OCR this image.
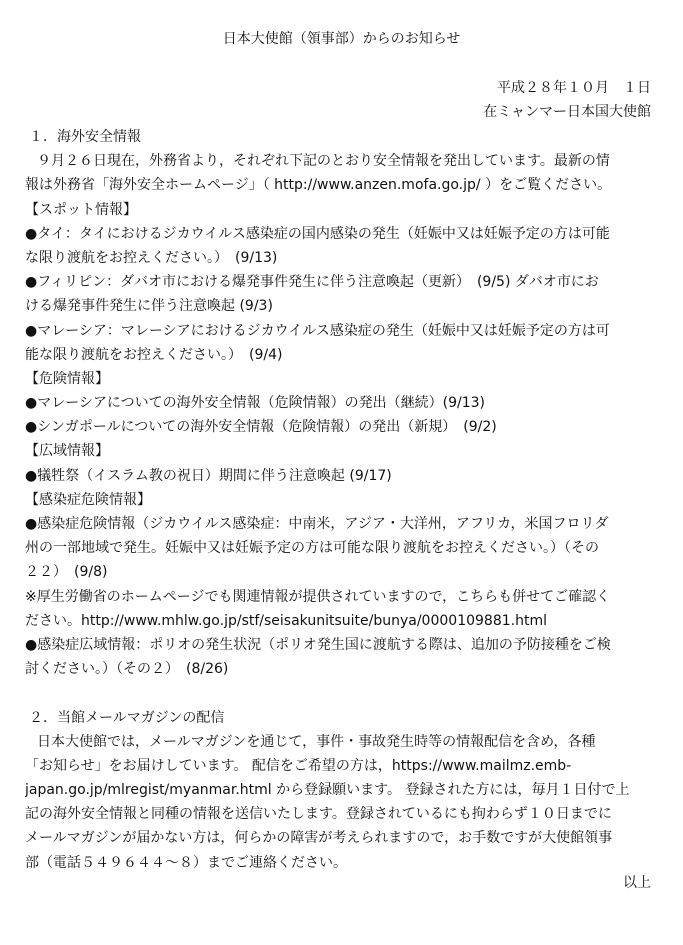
日本大使館（領事部）からのお知らせ
平成２８年１０月　１日
在ミャンマー日本国大使館
１．海外安全情報
９月２６日現在，外務省より，それぞれ下記のとおり安全情報を発出しています。最新の情
報は外務省「海外安全ホームページ」（ http://www.anzen.mofa.go.jp/ ）をご覧ください。
【スポット情報】
●タイ：タイにおけるジカウイルス感染症の国内感染の発生（妊娠中又は妊娠予定の方は可能
な限り渡航をお控えください。）　(9/13)
●フィリピン：ダバオ市における爆発事件発生に伴う注意喚起（更新）　(9/5) ダバオ市にお
ける爆発事件発生に伴う注意喚起 (9/3)
●マレーシア：マレーシアにおけるジカウイルス感染症の発生（妊娠中又は妊娠予定の方は可
能な限り渡航をお控えください。）　(9/4)
【危険情報】
●マレーシアについての海外安全情報（危険情報）の発出（継続）(9/13)
●シンガポールについての海外安全情報（危険情報）の発出（新規）　(9/2)
【広域情報】
●犠牲祭（イスラム教の祝日）期間に伴う注意喚起 (9/17)
【感染症危険情報】
●感染症危険情報（ジカウイルス感染症：中南米，アジア・大洋州，アフリカ，米国フロリダ
州の一部地域で発生。妊娠中又は妊娠予定の方は可能な限り渡航をお控えください。）（その
２２）　(9/8)
※厚生労働省のホームページでも関連情報が提供されていますので，こちらも併せてご確認く
ださい。http://www.mhlw.go.jp/stf/seisakunitsuite/bunya/0000109881.html
●感染症広域情報：ポリオの発生状況（ポリオ発生国に渡航する際は、追加の予防接種をご検
討ください。）（その２）　(8/26)
２．当館メールマガジンの配信
日本大使館では，メールマガジンを通じて，事件・事故発生時等の情報配信を含め，各種
「お知らせ」をお届けしています。 配信をご希望の方は，https://www.mailmz.emb-
japan.go.jp/mlregist/myanmar.html から登録願います。 登録された方には，毎月１日付で上
記の海外安全情報と同種の情報を送信いたします。登録されているにも拘わらず１０日までに
メールマガジンが届かない方は，何らかの障害が考えられますので，お手数ですが大使館領事
部（電話５４９６４４～８）までご連絡ください。
以上
